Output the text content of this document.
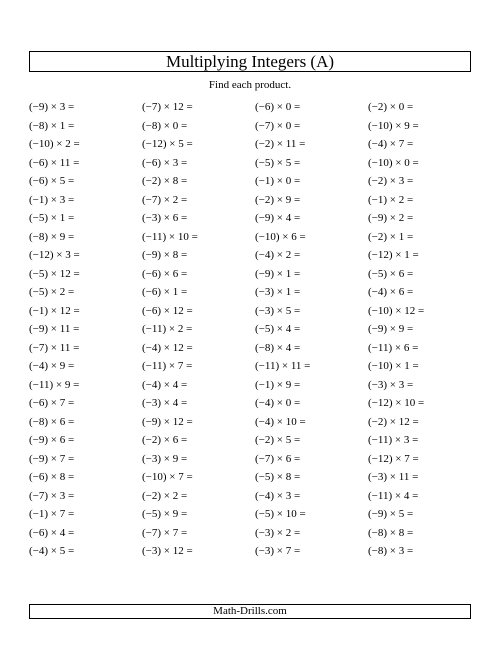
Multiplying Integers (A)
Find each product.
(−9) × 3 =	(−7) × 12 =	(−6) × 0 =	(−2) × 0 =
(−8) × 1 =	(−8) × 0 =	(−7) × 0 =	(−10) × 9 =
(−10) × 2 =	(−12) × 5 =	(−2) × 11 =	(−4) × 7 =
(−6) × 11 =	(−6) × 3 =	(−5) × 5 =	(−10) × 0 =
(−6) × 5 =	(−2) × 8 =	(−1) × 0 =	(−2) × 3 =
(−1) × 3 =	(−7) × 2 =	(−2) × 9 =	(−1) × 2 =
(−5) × 1 =	(−3) × 6 =	(−9) × 4 =	(−9) × 2 =
(−8) × 9 =	(−11) × 10 =	(−10) × 6 =	(−2) × 1 =
(−12) × 3 =	(−9) × 8 =	(−4) × 2 =	(−12) × 1 =
(−5) × 12 =	(−6) × 6 =	(−9) × 1 =	(−5) × 6 =
(−5) × 2 =	(−6) × 1 =	(−3) × 1 =	(−4) × 6 =
(−1) × 12 =	(−6) × 12 =	(−3) × 5 =	(−10) × 12 =
(−9) × 11 =	(−11) × 2 =	(−5) × 4 =	(−9) × 9 =
(−7) × 11 =	(−4) × 12 =	(−8) × 4 =	(−11) × 6 =
(−4) × 9 =	(−11) × 7 =	(−11) × 11 =	(−10) × 1 =
(−11) × 9 =	(−4) × 4 =	(−1) × 9 =	(−3) × 3 =
(−6) × 7 =	(−3) × 4 =	(−4) × 0 =	(−12) × 10 =
(−8) × 6 =	(−9) × 12 =	(−4) × 10 =	(−2) × 12 =
(−9) × 6 =	(−2) × 6 =	(−2) × 5 =	(−11) × 3 =
(−9) × 7 =	(−3) × 9 =	(−7) × 6 =	(−12) × 7 =
(−6) × 8 =	(−10) × 7 =	(−5) × 8 =	(−3) × 11 =
(−7) × 3 =	(−2) × 2 =	(−4) × 3 =	(−11) × 4 =
(−1) × 7 =	(−5) × 9 =	(−5) × 10 =	(−9) × 5 =
(−6) × 4 =	(−7) × 7 =	(−3) × 2 =	(−8) × 8 =
(−4) × 5 =	(−3) × 12 =	(−3) × 7 =	(−8) × 3 =
Math-Drills.com
